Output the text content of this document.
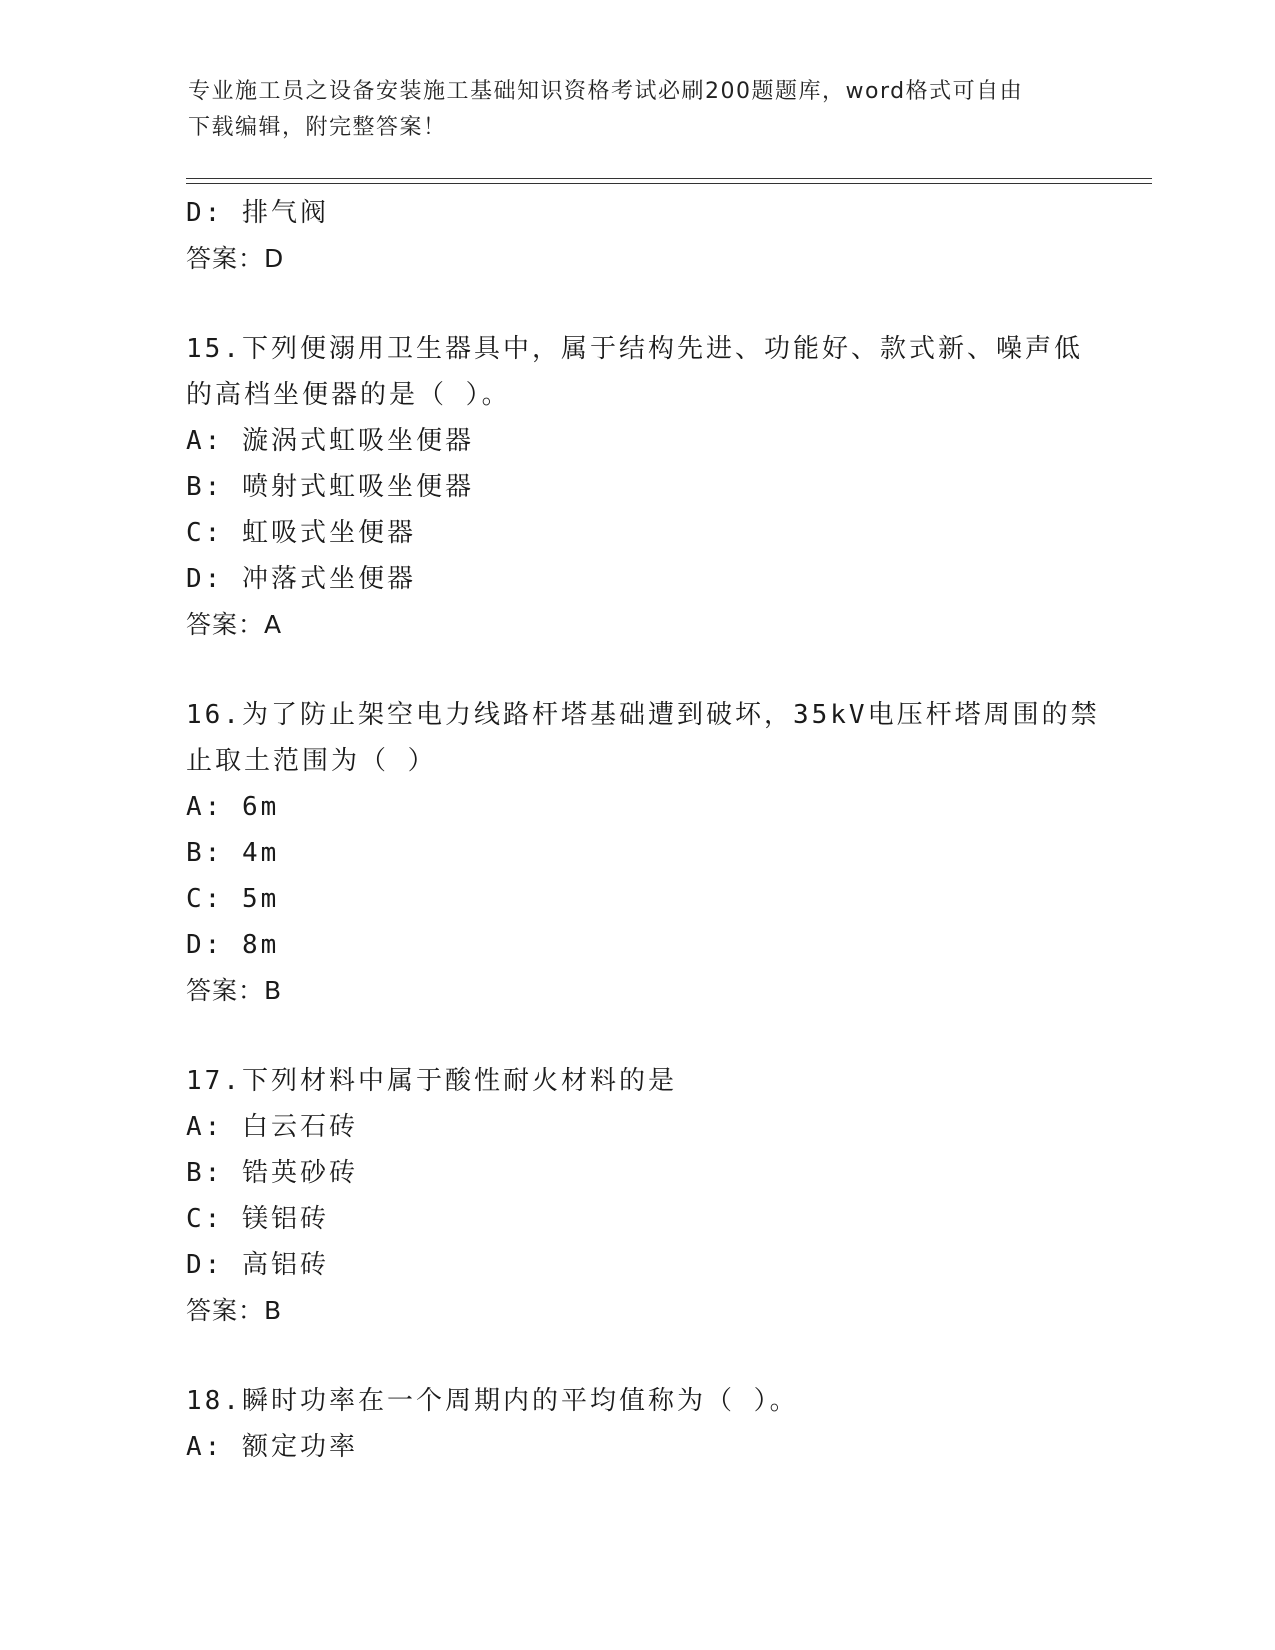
专业施工员之设备安装施工基础知识资格考试必刷200题题库，word格式可自由
下载编辑，附完整答案！
D: 排气阀
答案：D
15.下列便溺用卫生器具中，属于结构先进、功能好、款式新、噪声低
的高档坐便器的是（ ）。
A: 漩涡式虹吸坐便器
B: 喷射式虹吸坐便器
C: 虹吸式坐便器
D: 冲落式坐便器
答案：A
16.为了防止架空电力线路杆塔基础遭到破坏，35kV电压杆塔周围的禁
止取土范围为（ ）
A: 6m
B: 4m
C: 5m
D: 8m
答案：B
17.下列材料中属于酸性耐火材料的是
A: 白云石砖
B: 锆英砂砖
C: 镁铝砖
D: 高铝砖
答案：B
18.瞬时功率在一个周期内的平均值称为（ ）。
A: 额定功率
